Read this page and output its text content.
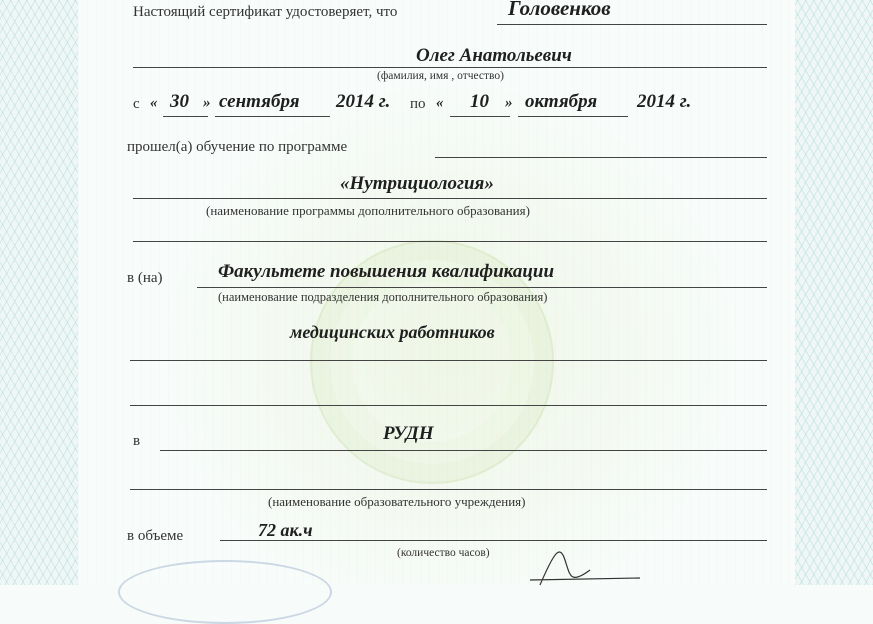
Настоящий сертификат удостоверяет, что	Головенков
Олег Анатольевич
(фамилия, имя , отчество)
с « 30 » сентября 2014 г. по « 10 » октября 2014 г.
прошел(а) обучение по программе
«Нутрициология»
(наименование программы дополнительного образования)
в (на)	Факультете повышения квалификации
(наименование подразделения дополнительного образования)
медицинских работников
в	РУДН
(наименование образовательного учреждения)
в объеме	72 ак.ч
(количество часов)
